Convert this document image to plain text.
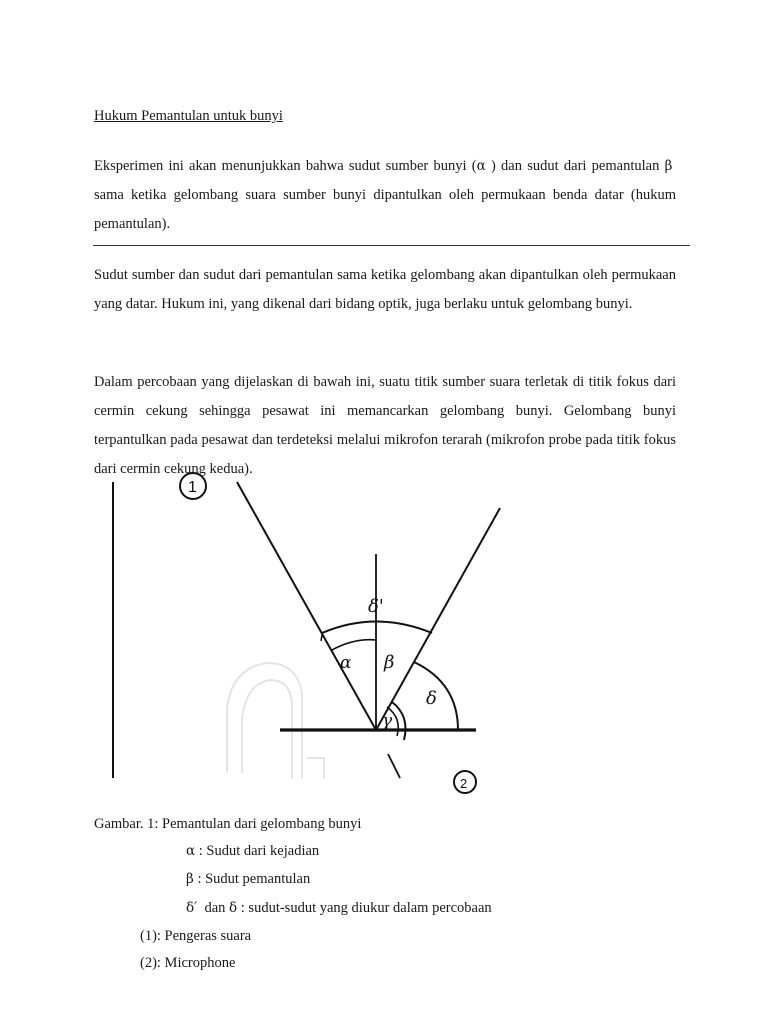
Hukum Pemantulan untuk bunyi

Eksperimen ini akan menunjukkan bahwa sudut sumber bunyi (α ) dan sudut dari pemantulan β  sama ketika gelombang suara sumber bunyi dipantulkan oleh permukaan benda datar (hukum pemantulan).

Sudut sumber dan sudut dari pemantulan sama ketika gelombang akan dipantulkan oleh permukaan yang datar. Hukum ini, yang dikenal dari bidang optik, juga berlaku untuk gelombang bunyi.

Dalam percobaan yang dijelaskan di bawah ini, suatu titik sumber suara terletak di titik fokus dari cermin cekung sehingga pesawat ini memancarkan gelombang bunyi. Gelombang bunyi terpantulkan pada pesawat dan terdeteksi melalui mikrofon terarah (mikrofon probe pada titik fokus dari cermin cekung kedua).

α β
δ'
δ
γ
1
2
Gambar. 1: Pemantulan dari gelombang bunyi
α : Sudut dari kejadian
β : Sudut pemantulan
δ′ dan δ : sudut-sudut yang diukur dalam percobaan
(1): Pengeras suara
(2): Microphone
